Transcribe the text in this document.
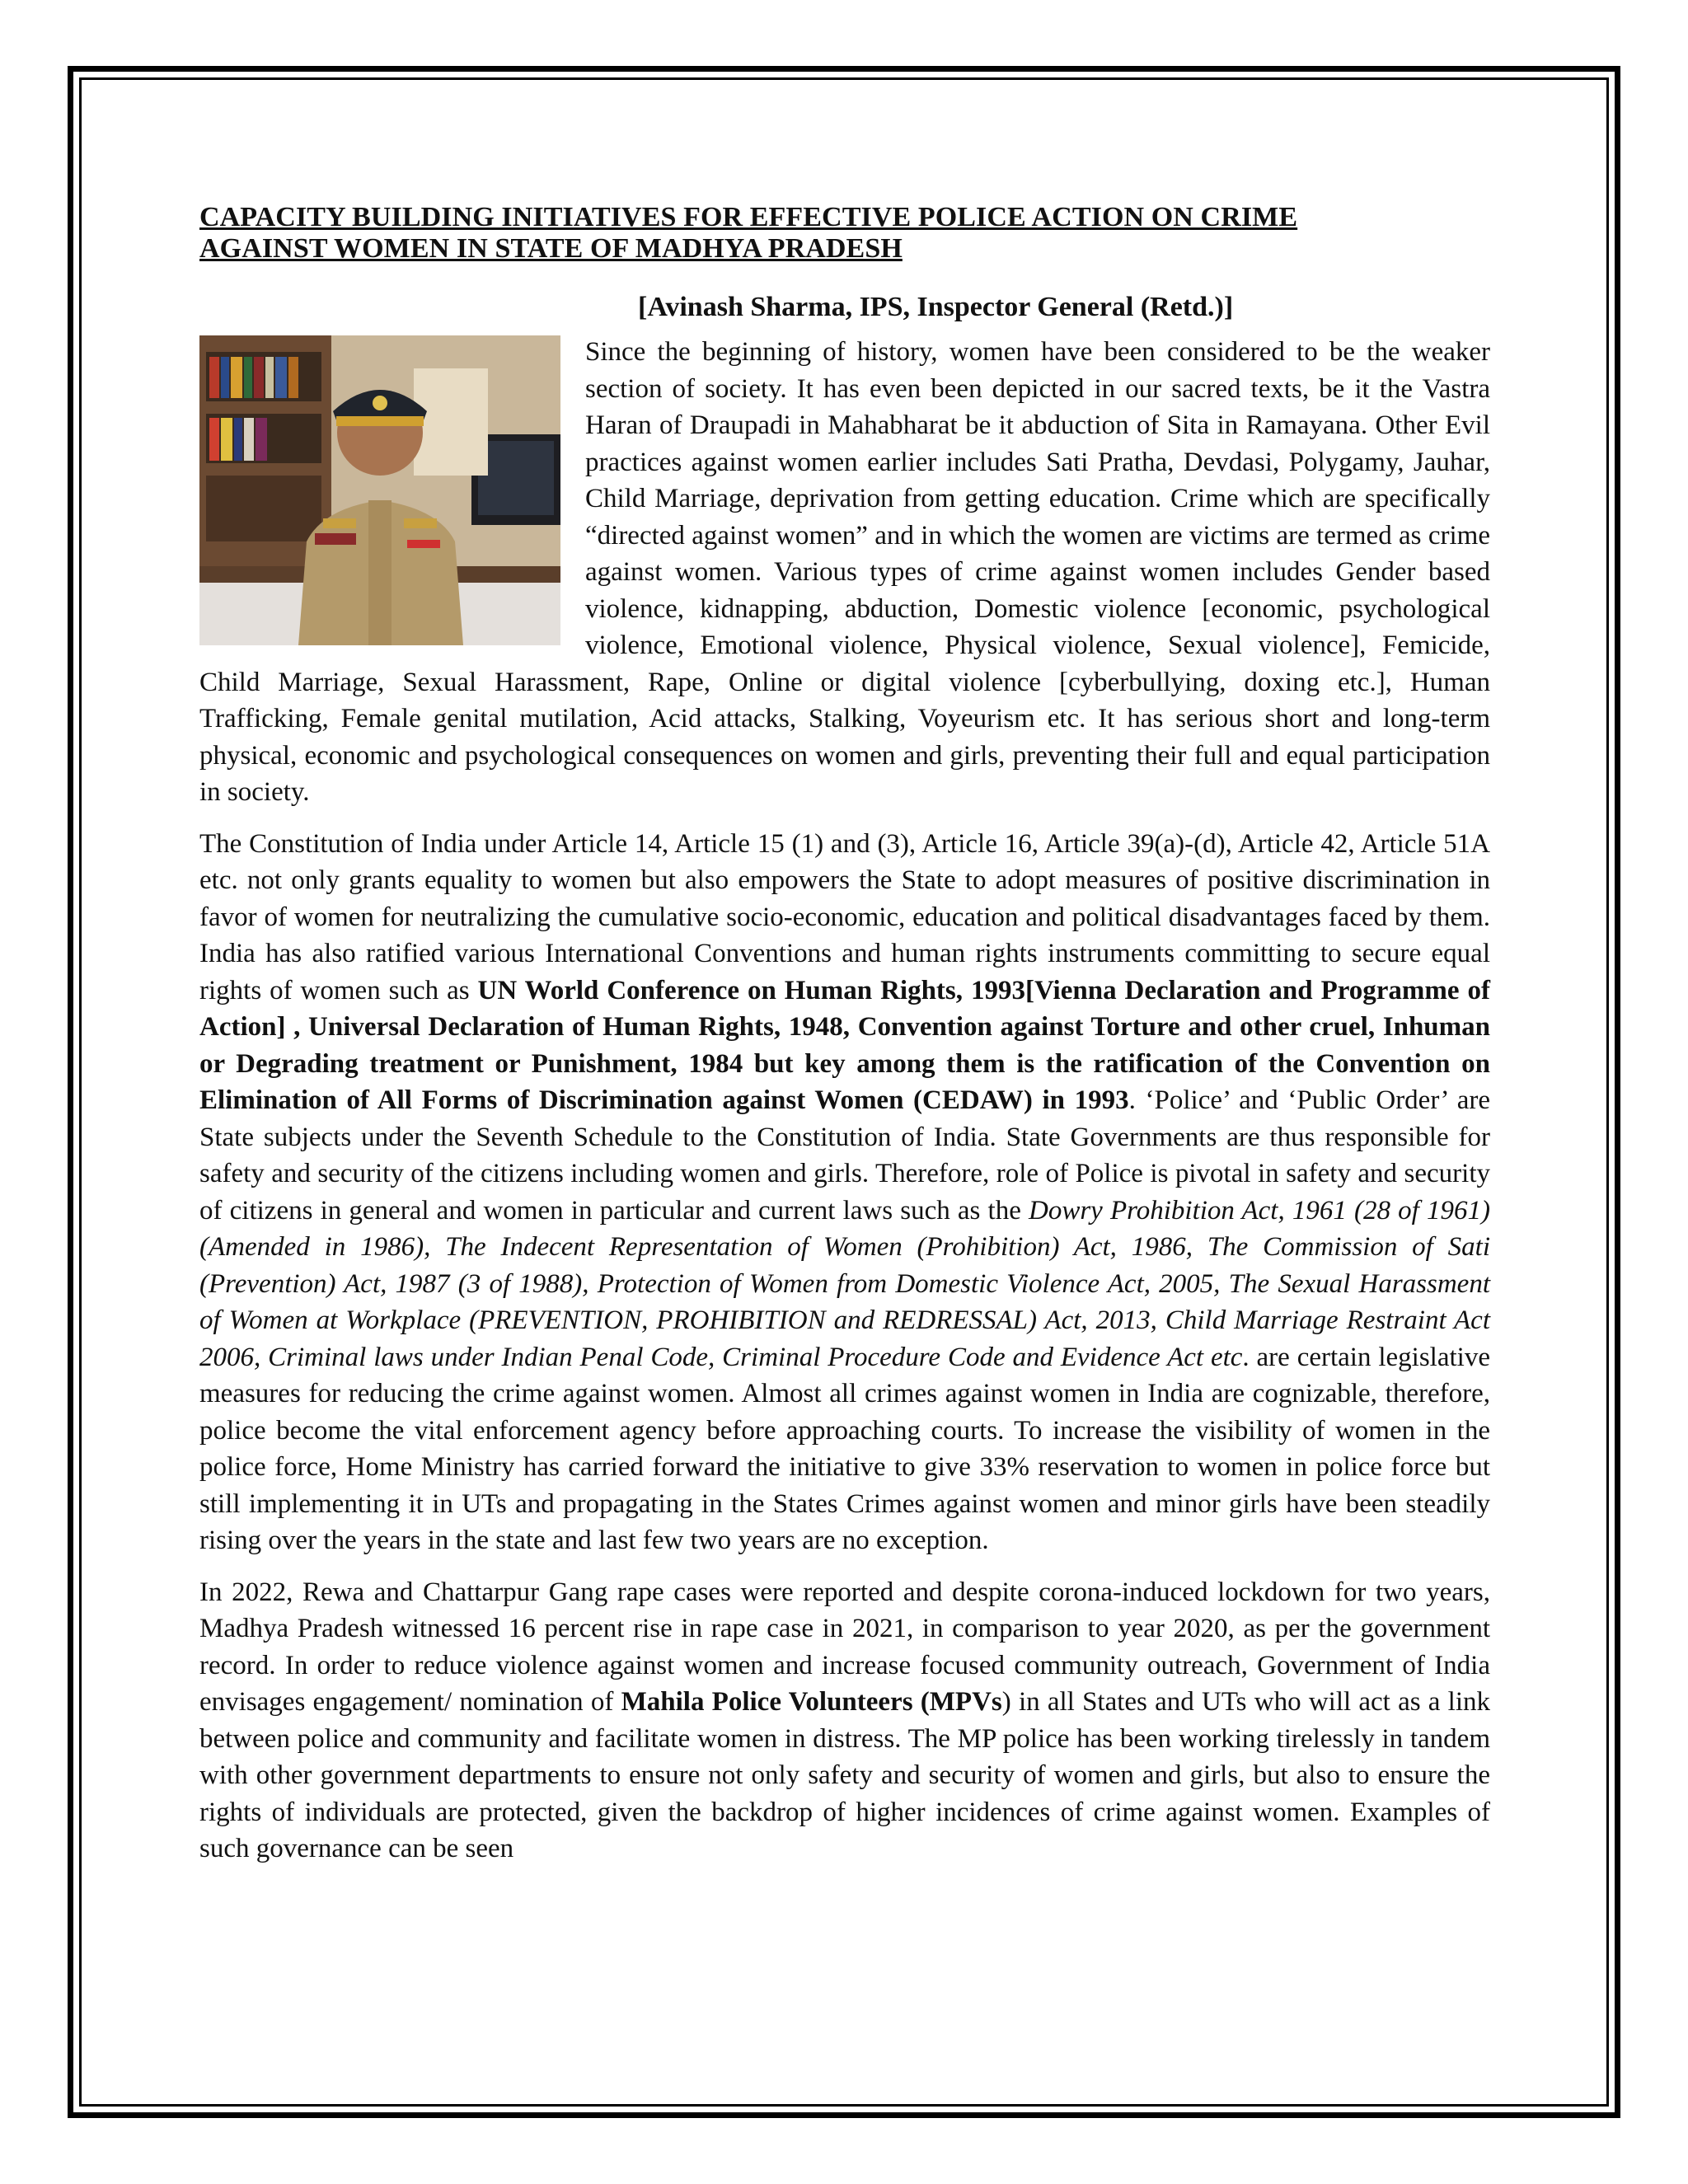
CAPACITY BUILDING INITIATIVES FOR EFFECTIVE POLICE ACTION ON CRIME
AGAINST WOMEN IN STATE OF MADHYA PRADESH
[Avinash Sharma, IPS, Inspector General (Retd.)]

Since the beginning of history, women have been considered to be the weaker section of society. It has even been depicted in our sacred texts, be it the Vastra Haran of Draupadi in Mahabharat be it abduction of Sita in Ramayana. Other Evil practices against women earlier includes Sati Pratha, Devdasi, Polygamy, Jauhar, Child Marriage, deprivation from getting education. Crime which are specifically “directed against women” and in which the women are victims are termed as crime against women. Various types of crime against women includes Gender based violence, kidnapping, abduction, Domestic violence [economic, psychological violence, Emotional violence, Physical violence, Sexual violence], Femicide, Child Marriage, Sexual Harassment, Rape, Online or digital violence [cyberbullying, doxing etc.], Human Trafficking, Female genital mutilation, Acid attacks, Stalking, Voyeurism etc. It has serious short and long-term physical, economic and psychological consequences on women and girls, preventing their full and equal participation in society.

The Constitution of India under Article 14, Article 15 (1) and (3), Article 16, Article 39(a)-(d), Article 42, Article 51A etc. not only grants equality to women but also empowers the State to adopt measures of positive discrimination in favor of women for neutralizing the cumulative socio-economic, education and political disadvantages faced by them. India has also ratified various International Conventions and human rights instruments committing to secure equal rights of women such as UN World Conference on Human Rights, 1993[Vienna Declaration and Programme of Action] , Universal Declaration of Human Rights, 1948, Convention against Torture and other cruel, Inhuman or Degrading treatment or Punishment, 1984 but key among them is the ratification of the Convention on Elimination of All Forms of Discrimination against Women (CEDAW) in 1993. ‘Police’ and ‘Public Order’ are State subjects under the Seventh Schedule to the Constitution of India. State Governments are thus responsible for safety and security of the citizens including women and girls. Therefore, role of Police is pivotal in safety and security of citizens in general and women in particular and current laws such as the Dowry Prohibition Act, 1961 (28 of 1961) (Amended in 1986), The Indecent Representation of Women (Prohibition) Act, 1986, The Commission of Sati (Prevention) Act, 1987 (3 of 1988), Protection of Women from Domestic Violence Act, 2005, The Sexual Harassment of Women at Workplace (PREVENTION, PROHIBITION and REDRESSAL) Act, 2013, Child Marriage Restraint Act 2006, Criminal laws under Indian Penal Code, Criminal Procedure Code and Evidence Act etc. are certain legislative measures for reducing the crime against women. Almost all crimes against women in India are cognizable, therefore, police become the vital enforcement agency before approaching courts. To increase the visibility of women in the police force, Home Ministry has carried forward the initiative to give 33% reservation to women in police force but still implementing it in UTs and propagating in the States Crimes against women and minor girls have been steadily rising over the years in the state and last few two years are no exception.

In 2022, Rewa and Chattarpur Gang rape cases were reported and despite corona-induced lockdown for two years, Madhya Pradesh witnessed 16 percent rise in rape case in 2021, in comparison to year 2020, as per the government record. In order to reduce violence against women and increase focused community outreach, Government of India envisages engagement/ nomination of Mahila Police Volunteers (MPVs) in all States and UTs who will act as a link between police and community and facilitate women in distress. The MP police has been working tirelessly in tandem with other government departments to ensure not only safety and security of women and girls, but also to ensure the rights of individuals are protected, given the backdrop of higher incidences of crime against women. Examples of such governance can be seen
